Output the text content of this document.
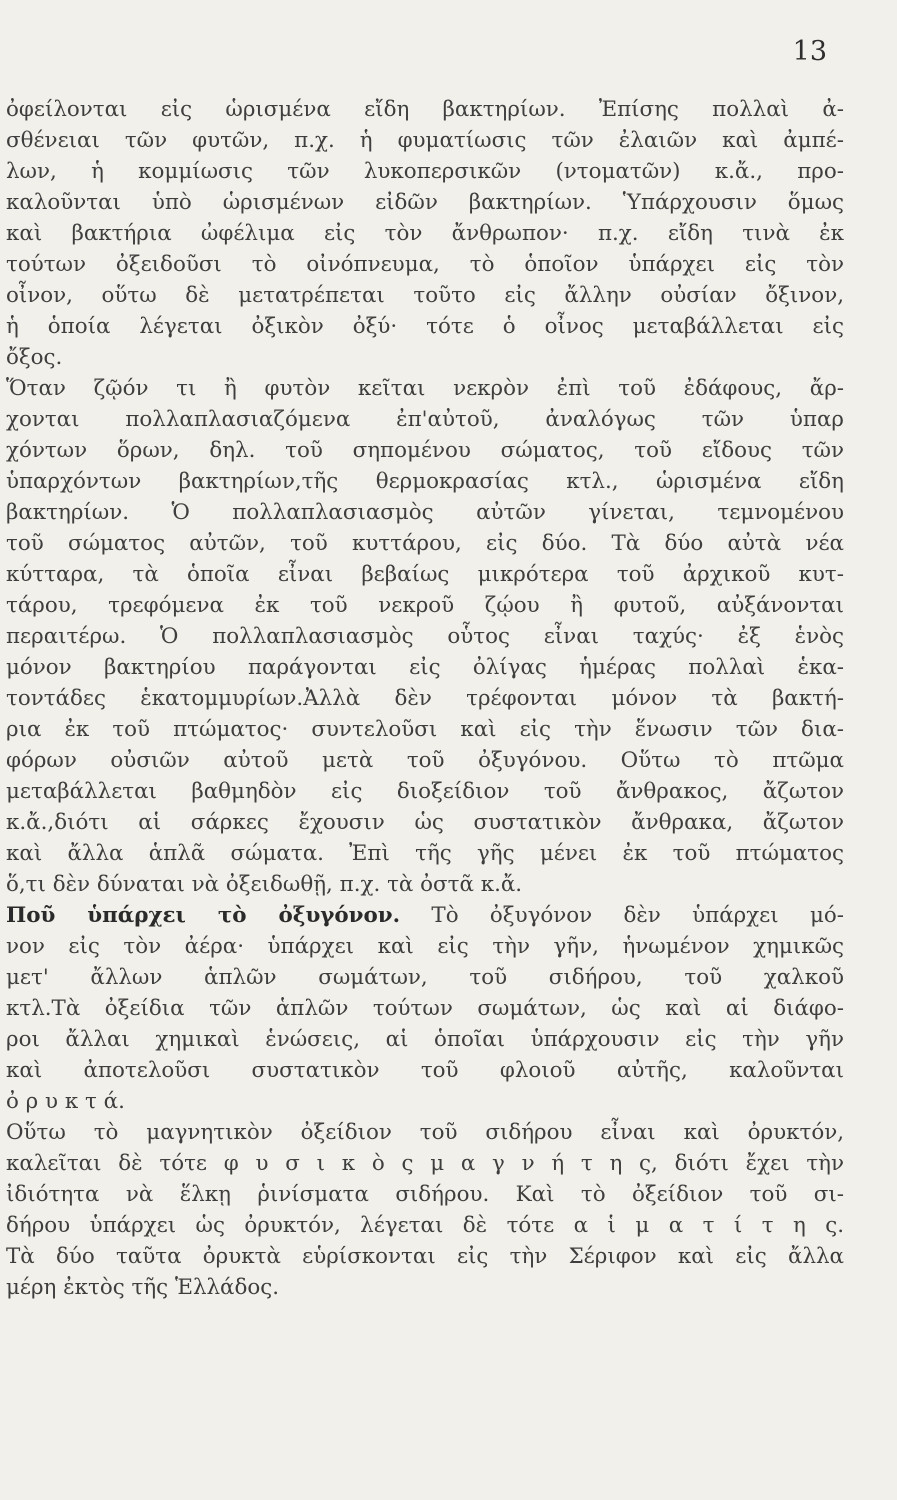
13
ὀφείλονται εἰς ὡρισμένα εἴδη βακτηρίων. Ἐπίσης πολλαὶ ἀ-
σθένειαι τῶν φυτῶν, π.χ. ἡ φυματίωσις τῶν ἐλαιῶν καὶ ἀμπέ-
λων, ἡ κομμίωσις τῶν λυκοπερσικῶν (ντοματῶν) κ.ἄ., προ-
καλοῦνται ὑπὸ ὡρισμένων εἰδῶν βακτηρίων. Ὑπάρχουσιν ὅμως
καὶ βακτήρια ὠφέλιμα εἰς τὸν ἄνθρωπον· π.χ. εἴδη τινὰ ἐκ
τούτων ὀξειδοῦσι τὸ οἰνόπνευμα, τὸ ὁποῖον ὑπάρχει εἰς τὸν
οἶνον, οὕτω δὲ μετατρέπεται τοῦτο εἰς ἄλλην οὐσίαν ὄξινον,
ἡ ὁποία λέγεται ὀξικὸν ὀξύ· τότε ὁ οἶνος μεταβάλλεται εἰς
ὄξος.
Ὅταν ζῷόν τι ἢ φυτὸν κεῖται νεκρὸν ἐπὶ τοῦ ἐδάφους, ἄρ-
χονται πολλαπλασιαζόμενα ἐπ'αὐτοῦ, ἀναλόγως τῶν ὑπαρ
χόντων ὅρων, δηλ. τοῦ σηπομένου σώματος, τοῦ εἴδους τῶν
ὑπαρχόντων βακτηρίων,τῆς θερμοκρασίας κτλ., ὡρισμένα εἴδη
βακτηρίων. Ὁ πολλαπλασιασμὸς αὐτῶν γίνεται, τεμνομένου
τοῦ σώματος αὐτῶν, τοῦ κυττάρου, εἰς δύο. Τὰ δύο αὐτὰ νέα
κύτταρα, τὰ ὁποῖα εἶναι βεβαίως μικρότερα τοῦ ἀρχικοῦ κυτ-
τάρου, τρεφόμενα ἐκ τοῦ νεκροῦ ζῴου ἢ φυτοῦ, αὐξάνονται
περαιτέρω. Ὁ πολλαπλασιασμὸς οὗτος εἶναι ταχύς· ἐξ ἑνὸς
μόνον βακτηρίου παράγονται εἰς ὀλίγας ἡμέρας πολλαὶ ἑκα-
τοντάδες ἑκατομμυρίων.Ἀλλὰ δὲν τρέφονται μόνον τὰ βακτή-
ρια ἐκ τοῦ πτώματος· συντελοῦσι καὶ εἰς τὴν ἕνωσιν τῶν δια-
φόρων οὐσιῶν αὐτοῦ μετὰ τοῦ ὀξυγόνου. Οὕτω τὸ πτῶμα
μεταβάλλεται βαθμηδὸν εἰς διοξείδιον τοῦ ἄνθρακος, ἄζωτον
κ.ἄ.,διότι αἱ σάρκες ἔχουσιν ὡς συστατικὸν ἄνθρακα, ἄζωτον
καὶ ἄλλα ἁπλᾶ σώματα. Ἐπὶ τῆς γῆς μένει ἐκ τοῦ πτώματος
ὅ,τι δὲν δύναται νὰ ὀξειδωθῇ, π.χ. τὰ ὀστᾶ κ.ἄ.
Ποῦ ὑπάρχει τὸ ὀξυγόνον. Τὸ ὀξυγόνον δὲν ὑπάρχει μό-
νον εἰς τὸν ἀέρα· ὑπάρχει καὶ εἰς τὴν γῆν, ἡνωμένον χημικῶς
μετ' ἄλλων ἁπλῶν σωμάτων, τοῦ σιδήρου, τοῦ χαλκοῦ
κτλ.Τὰ ὀξείδια τῶν ἁπλῶν τούτων σωμάτων, ὡς καὶ αἱ διάφο-
ροι ἄλλαι χημικαὶ ἑνώσεις, αἱ ὁποῖαι ὑπάρχουσιν εἰς τὴν γῆν
καὶ ἀποτελοῦσι συστατικὸν τοῦ φλοιοῦ αὐτῆς, καλοῦνται
ὀ ρ υ κ τ ά.
Οὕτω τὸ μαγνητικὸν ὀξείδιον τοῦ σιδήρου εἶναι καὶ ὀρυκτόν,
καλεῖται δὲ τότε φ υ σ ι κ ὸ ς μ α γ ν ή τ η ς, διότι ἔχει τὴν
ἰδιότητα νὰ ἕλκῃ ῥινίσματα σιδήρου. Καὶ τὸ ὀξείδιον τοῦ σι-
δήρου ὑπάρχει ὡς ὀρυκτόν, λέγεται δὲ τότε α ἱ μ α τ ί τ η ς.
Τὰ δύο ταῦτα ὀρυκτὰ εὑρίσκονται εἰς τὴν Σέριφον καὶ εἰς ἄλλα
μέρη ἐκτὸς τῆς Ἑλλάδος.
